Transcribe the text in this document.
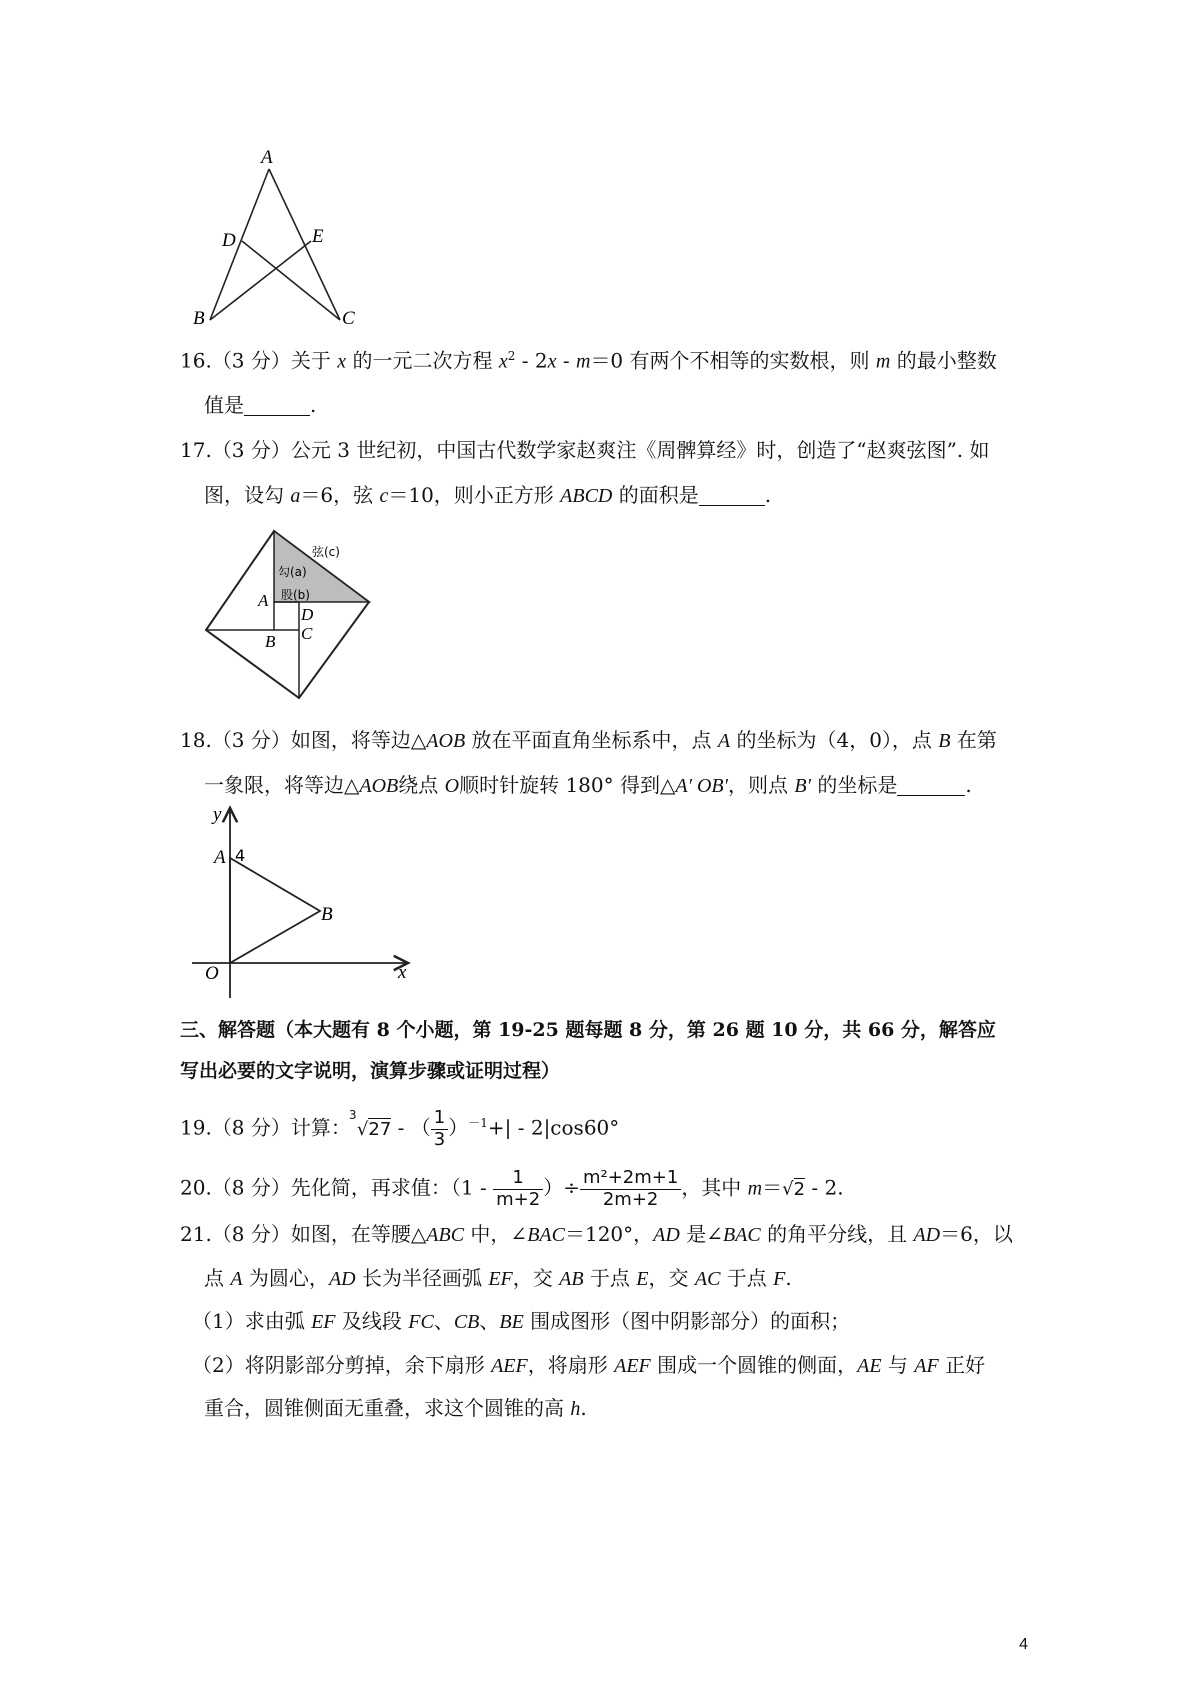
A
B	C
D	E
16.（3 分）关于 x 的一元二次方程 $x^2 - 2x - m=0$ 有两个不相等的实数根，则 m 的最小整数
值是	.
17.（3 分）公元 3 世纪初，中国古代数学家赵爽注《周髀算经》时，创造了“赵爽弦图”. 如
图，设勾 a＝6，弦 c＝10，则小正方形 ABCD 的面积是	.
弦(c)
勾(a)
股(b)
A
B C
D
18.（3 分）如图，将等边△AOB 放在平面直角坐标系中，点 A 的坐标为（4，0），点 B 在第
一象限，将等边△AOB绕点 O顺时针旋转 180° 得到△A′ OB′，则点 B′ 的坐标是	.
y
x
O
A 4
B
三、解答题（本大题有 8 个小题，第 19-25 题每题 8 分，第 26 题 10 分，共 66 分，解答应
写出必要的文字说明，演算步骤或证明过程）
19.（8 分）计算：
3
√27 - （ $\frac{1}{3} )^{-1}+| - 2|\cos 60^\circ$
20.（8 分）先化简，再求值：（$1 - \frac{1}{m+2}$ ）÷ $\frac{\text{m²+2m+1}}{2m+2}$ ，其中 m＝√2 - 2.
21.（8 分）如图，在等腰△ABC 中，∠BAC＝120°，AD 是∠BAC 的角平分线，且 AD＝6，以
点 A 为圆心，AD 长为半径画弧 EF，交 AB 于点 E，交 AC 于点 F.
（1）求由弧 EF 及线段 FC、CB、BE 围成图形（图中阴影部分）的面积；
（2）将阴影部分剪掉，余下扇形 AEF，将扇形 AEF 围成一个圆锥的侧面，AE 与 AF 正好
重合，圆锥侧面无重叠，求这个圆锥的高 h.
4
